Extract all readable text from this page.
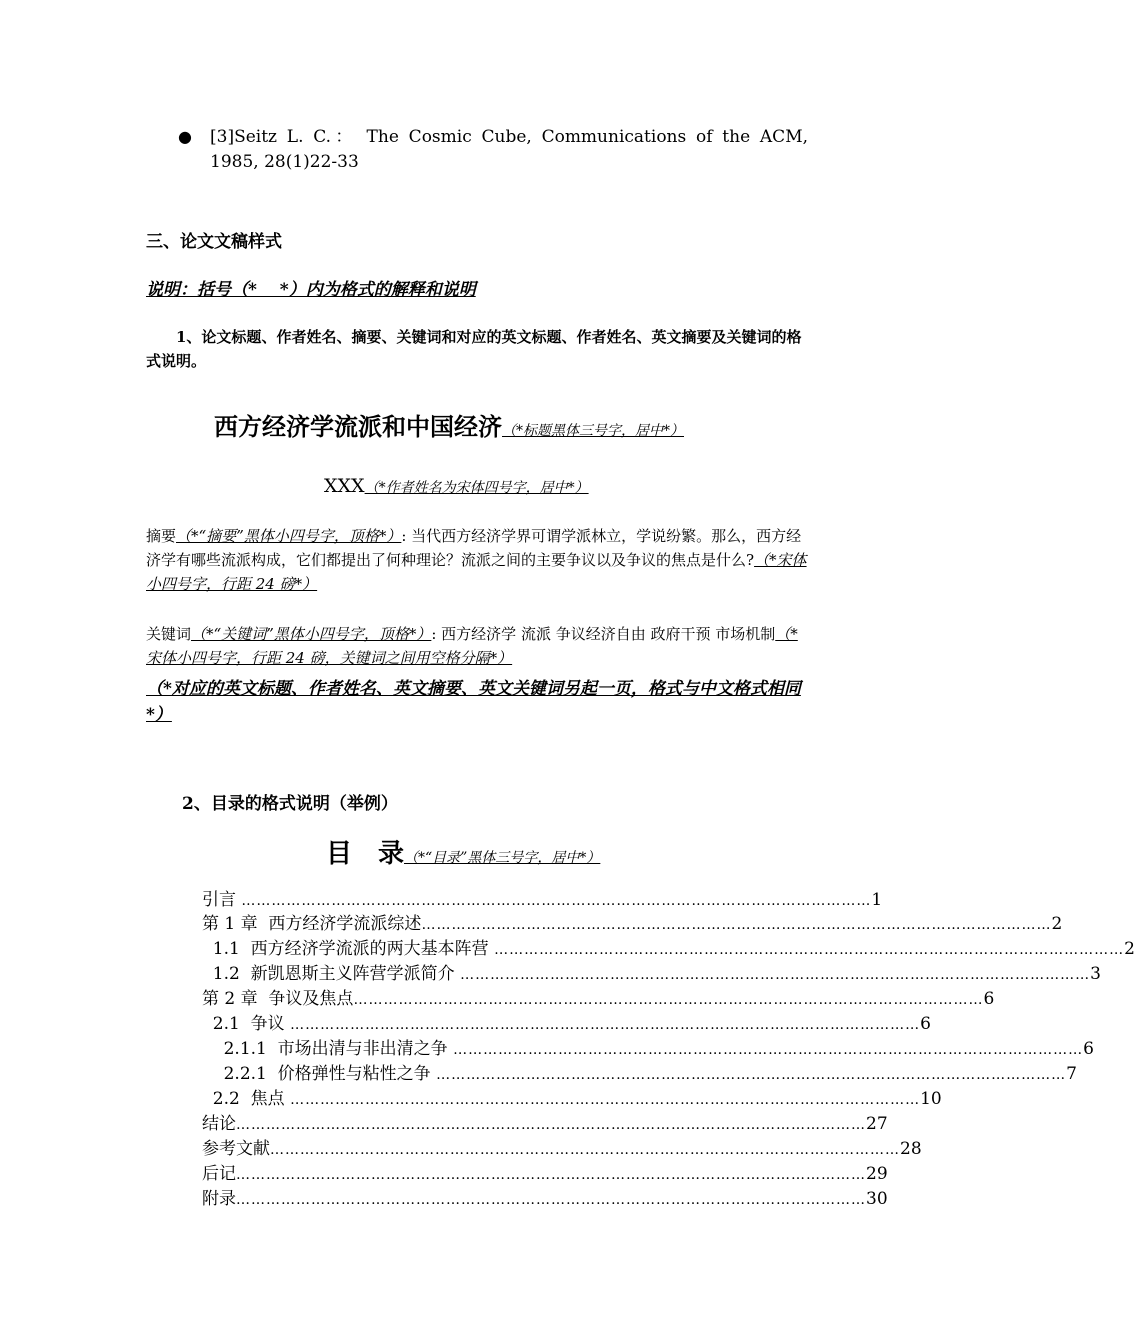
● [3]Seitz L. C.： The Cosmic Cube, Communications of the ACM, 1985, 28(1)22-33
三、论文文稿样式
说明：括号（*　 *）内为格式的解释和说明
1、论文标题、作者姓名、摘要、关键词和对应的英文标题、作者姓名、英文摘要及关键词的格式说明。
西方经济学流派和中国经济（*标题黑体三号字，居中*）
XXX（*作者姓名为宋体四号字，居中*）
摘要（*“摘要”黑体小四号字，顶格*）: 当代西方经济学界可谓学派林立，学说纷繁。那么，西方经济学有哪些流派构成，它们都提出了何种理论？流派之间的主要争议以及争议的焦点是什么?（*宋体小四号字，行距 24 磅*）
关键词（*“关键词”黑体小四号字，顶格*）: 西方经济学 流派 争议经济自由 政府干预 市场机制（*宋体小四号字，行距 24 磅，关键词之间用空格分隔*）
（*对应的英文标题、作者姓名、英文摘要、英文关键词另起一页，格式与中文格式相同*）
2、目录的格式说明（举例）
目　录（*“目录”黑体三号字，居中*）
引言 ……………………………………………………………………………………………………………… 1
第 1 章  西方经济学流派综述 ……………………………………………………………………………………………………………… 2
1.1  西方经济学流派的两大基本阵营 ……………………………………………………………………………………………………………… 2
1.2  新凯恩斯主义阵营学派简介 ……………………………………………………………………………………………………………… 3
第 2 章  争议及焦点 ……………………………………………………………………………………………………………… 6
2.1  争议 ……………………………………………………………………………………………………………… 6
2.1.1  市场出清与非出清之争 ……………………………………………………………………………………………………………… 6
2.2.1  价格弹性与粘性之争 ……………………………………………………………………………………………………………… 7
2.2  焦点 ……………………………………………………………………………………………………………… 10
结论 ……………………………………………………………………………………………………………… 27
参考文献 ……………………………………………………………………………………………………………… 28
后记 ……………………………………………………………………………………………………………… 29
附录 ……………………………………………………………………………………………………………… 30
